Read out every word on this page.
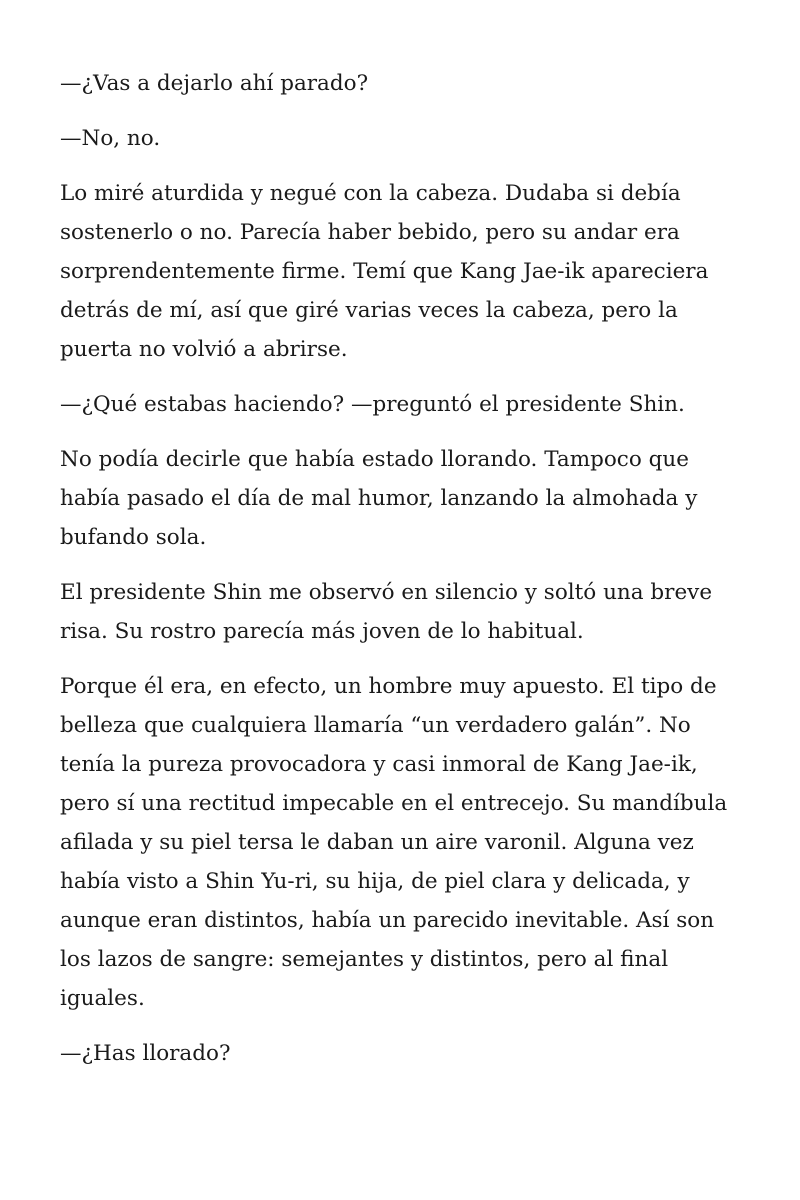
—¿Vas a dejarlo ahí parado?

—No, no.

Lo miré aturdida y negué con la cabeza. Dudaba si debía sostenerlo o no. Parecía haber bebido, pero su andar era sorprendentemente firme. Temí que Kang Jae-ik apareciera detrás de mí, así que giré varias veces la cabeza, pero la puerta no volvió a abrirse.

—¿Qué estabas haciendo? —preguntó el presidente Shin.

No podía decirle que había estado llorando. Tampoco que había pasado el día de mal humor, lanzando la almohada y bufando sola.

El presidente Shin me observó en silencio y soltó una breve risa. Su rostro parecía más joven de lo habitual.

Porque él era, en efecto, un hombre muy apuesto. El tipo de belleza que cualquiera llamaría “un verdadero galán”. No tenía la pureza provocadora y casi inmoral de Kang Jae-ik, pero sí una rectitud impecable en el entrecejo. Su mandíbula afilada y su piel tersa le daban un aire varonil. Alguna vez había visto a Shin Yu-ri, su hija, de piel clara y delicada, y aunque eran distintos, había un parecido inevitable. Así son los lazos de sangre: semejantes y distintos, pero al final iguales.

—¿Has llorado?
